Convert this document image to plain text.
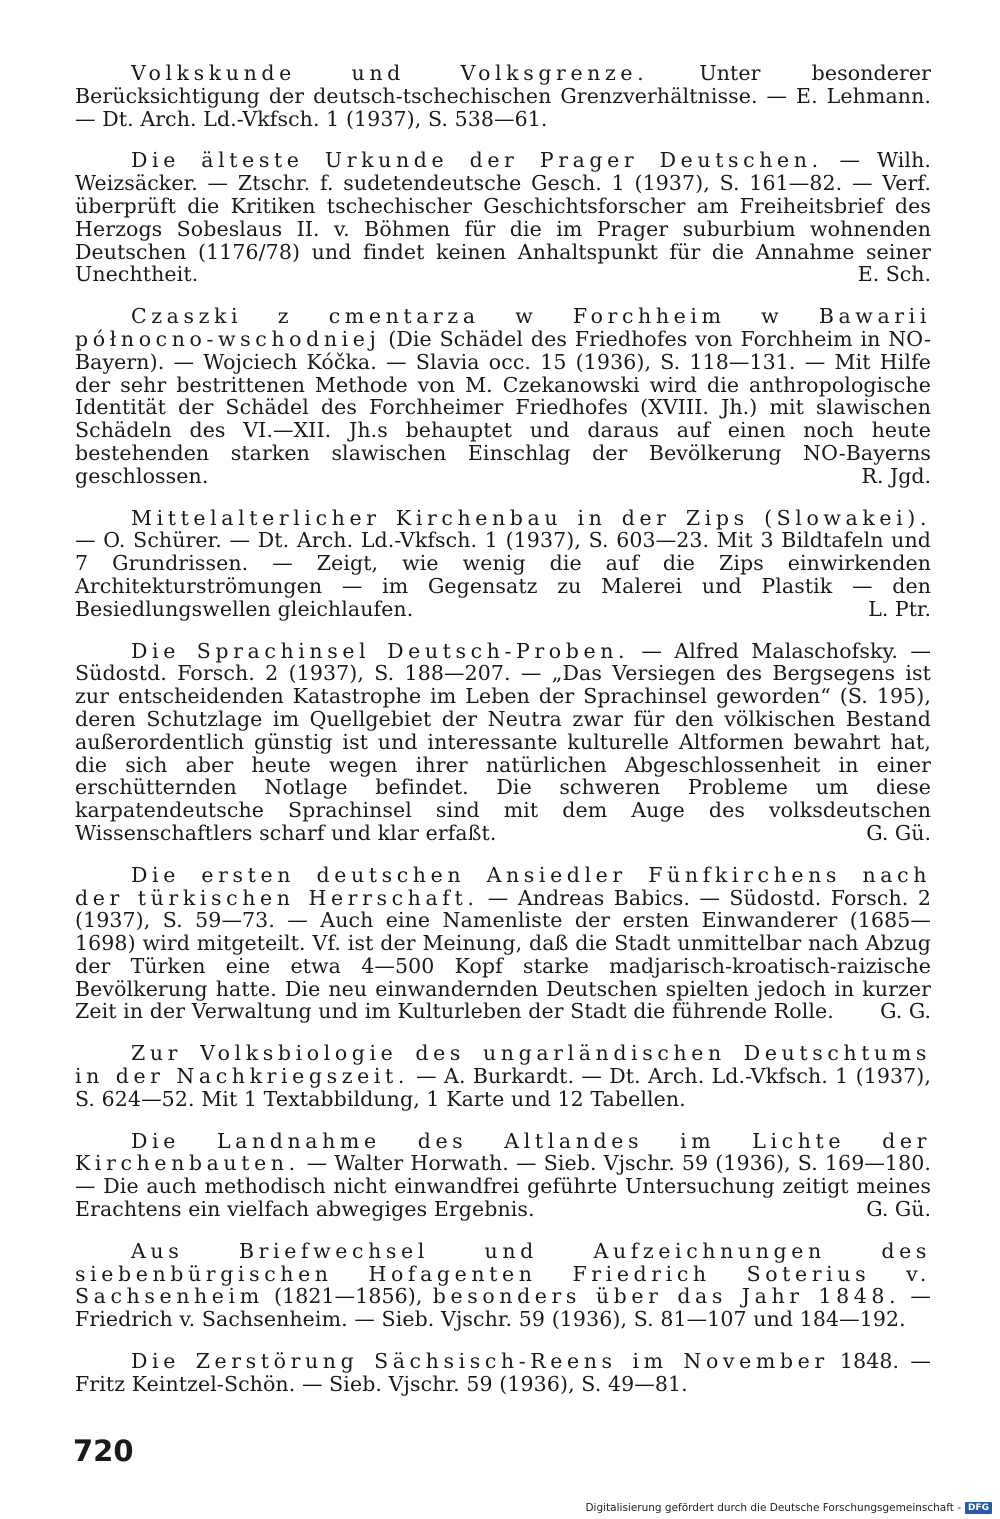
Volkskunde und Volksgrenze. Unter besonderer Berücksichtigung der deutsch-tschechischen Grenzverhältnisse. — E. Lehmann. — Dt. Arch. Ld.-Vkfsch. 1 (1937), S. 538—61.

Die älteste Urkunde der Prager Deutschen. — Wilh. Weizsäcker. — Ztschr. f. sudetendeutsche Gesch. 1 (1937), S. 161—82. — Verf. überprüft die Kritiken tschechischer Geschichtsforscher am Freiheitsbrief des Herzogs Sobeslaus II. v. Böhmen für die im Prager suburbium wohnenden Deutschen (1176/78) und findet keinen Anhaltspunkt für die Annahme seiner Unechtheit.	E. Sch.

Czaszki z cmentarza w Forchheim w Bawarii północno-wschodniej (Die Schädel des Friedhofes von Forchheim in NO-Bayern). — Wojciech Kóčka. — Slavia occ. 15 (1936), S. 118—131. — Mit Hilfe der sehr bestrittenen Methode von M. Czekanowski wird die anthropologische Identität der Schädel des Forchheimer Friedhofes (XVIII. Jh.) mit slawischen Schädeln des VI.—XII. Jh.s behauptet und daraus auf einen noch heute bestehenden starken slawischen Einschlag der Bevölkerung NO-Bayerns geschlossen.	R. Jgd.

Mittelalterlicher Kirchenbau in der Zips (Slowakei). — O. Schürer. — Dt. Arch. Ld.-Vkfsch. 1 (1937), S. 603—23. Mit 3 Bildtafeln und 7 Grundrissen. — Zeigt, wie wenig die auf die Zips einwirkenden Architekturströmungen — im Gegensatz zu Malerei und Plastik — den Besiedlungswellen gleichlaufen.	L. Ptr.

Die Sprachinsel Deutsch-Proben. — Alfred Malaschofsky. — Südostd. Forsch. 2 (1937), S. 188—207. — „Das Versiegen des Bergsegens ist zur entscheidenden Katastrophe im Leben der Sprachinsel geworden“ (S. 195), deren Schutzlage im Quellgebiet der Neutra zwar für den völkischen Bestand außerordentlich günstig ist und interessante kulturelle Altformen bewahrt hat, die sich aber heute wegen ihrer natürlichen Abgeschlossenheit in einer erschütternden Notlage befindet. Die schweren Probleme um diese karpatendeutsche Sprachinsel sind mit dem Auge des volksdeutschen Wissenschaftlers scharf und klar erfaßt.	G. Gü.

Die ersten deutschen Ansiedler Fünfkirchens nach der türkischen Herrschaft. — Andreas Babics. — Südostd. Forsch. 2 (1937), S. 59—73. — Auch eine Namenliste der ersten Einwanderer (1685—1698) wird mitgeteilt. Vf. ist der Meinung, daß die Stadt unmittelbar nach Abzug der Türken eine etwa 4—500 Kopf starke madjarisch-kroatisch-raizische Bevölkerung hatte. Die neu einwandernden Deutschen spielten jedoch in kurzer Zeit in der Verwaltung und im Kulturleben der Stadt die führende Rolle.	G. G.

Zur Volksbiologie des ungarländischen Deutschtums in der Nachkriegszeit. — A. Burkardt. — Dt. Arch. Ld.-Vkfsch. 1 (1937), S. 624—52. Mit 1 Textabbildung, 1 Karte und 12 Tabellen.

Die Landnahme des Altlandes im Lichte der Kirchenbauten. — Walter Horwath. — Sieb. Vjschr. 59 (1936), S. 169—180. — Die auch methodisch nicht einwandfrei geführte Untersuchung zeitigt meines Erachtens ein vielfach abwegiges Ergebnis.	G. Gü.

Aus Briefwechsel und Aufzeichnungen des siebenbürgischen Hofagenten Friedrich Soterius v. Sachsenheim (1821—1856), besonders über das Jahr 1848. — Friedrich v. Sachsenheim. — Sieb. Vjschr. 59 (1936), S. 81—107 und 184—192.

Die Zerstörung Sächsisch-Reens im November 1848. — Fritz Keintzel-Schön. — Sieb. Vjschr. 59 (1936), S. 49—81.

720
Digitalisierung gefördert durch die Deutsche Forschungsgemeinschaft - DFG
